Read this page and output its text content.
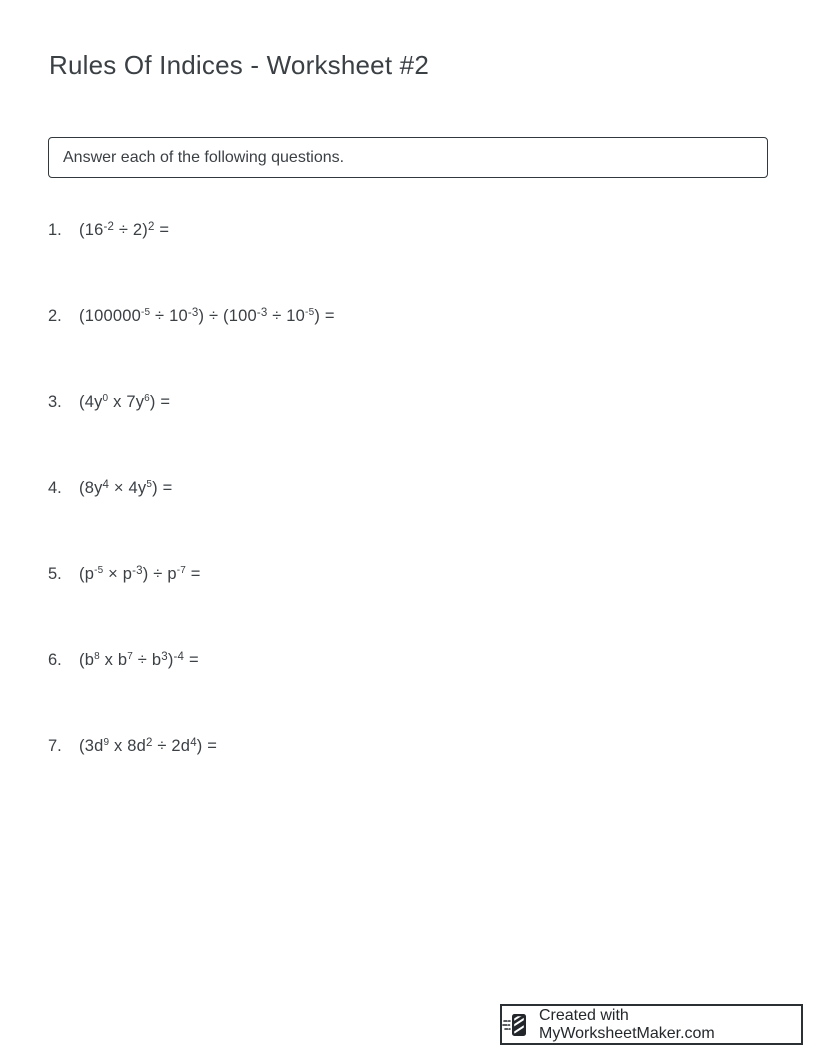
Rules Of Indices - Worksheet #2
Answer each of the following questions.
1.	$(16^{-2} \div 2)^2$ =
2.	$(100000^{-5} \div 10^{-3}) \div (100^{-3} \div 10^{-5})$ =
3.	($4y^0$ x $7y^6$) =
4.	$(8y^4 \times 4y^5)$ =
5.	$(p^{-5} \times p^{-3}) \div p^{-7}$ =
6.	($b^8$ x $b^7 \div b^3)^{-4}$ =
7.	($3d^9$ x $8d^2 \div 2d^4$) =
Created with MyWorksheetMaker.com
